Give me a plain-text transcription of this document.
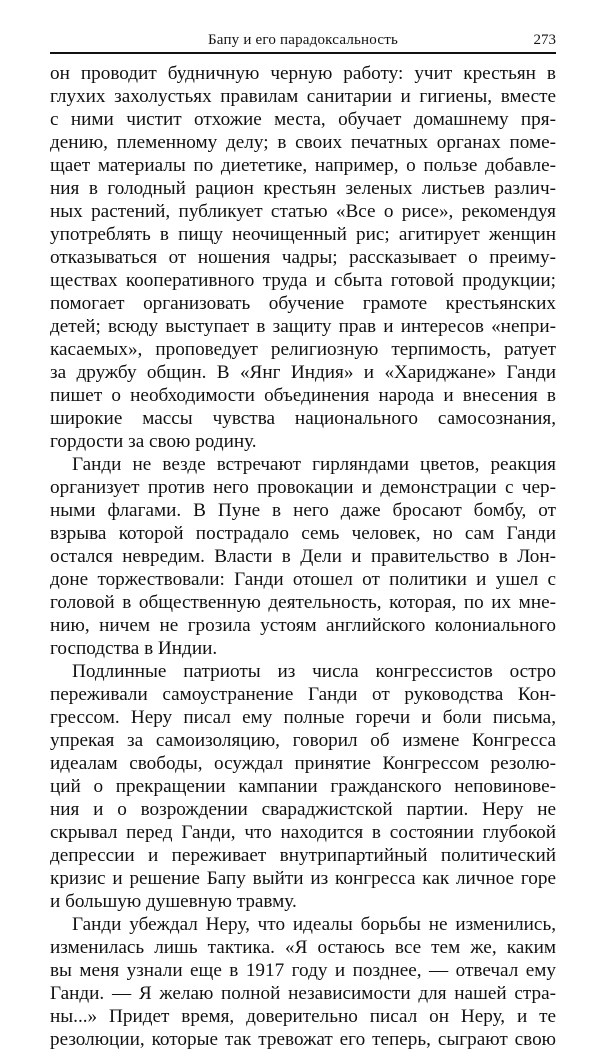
Бапу и его парадоксальность	273
он проводит будничную черную работу: учит крестьян в
глухих захолустьях правилам санитарии и гигиены, вместе
с ними чистит отхожие места, обучает домашнему пря-
дению, племенному делу; в своих печатных органах поме-
щает материалы по диететике, например, о пользе добавле-
ния в голодный рацион крестьян зеленых листьев различ-
ных растений, публикует статью «Все о рисе», рекомендуя
употреблять в пищу неочищенный рис; агитирует женщин
отказываться от ношения чадры; рассказывает о преиму-
ществах кооперативного труда и сбыта готовой продукции;
помогает организовать обучение грамоте крестьянских
детей; всюду выступает в защиту прав и интересов «непри-
касаемых», проповедует религиозную терпимость, ратует
за дружбу общин. В «Янг Индия» и «Хариджане» Ганди
пишет о необходимости объединения народа и внесения в
широкие массы чувства национального самосознания,
гордости за свою родину.
Ганди не везде встречают гирляндами цветов, реакция
организует против него провокации и демонстрации с чер-
ными флагами. В Пуне в него даже бросают бомбу, от
взрыва которой пострадало семь человек, но сам Ганди
остался невредим. Власти в Дели и правительство в Лон-
доне торжествовали: Ганди отошел от политики и ушел с
головой в общественную деятельность, которая, по их мне-
нию, ничем не грозила устоям английского колониального
господства в Индии.
Подлинные патриоты из числа конгрессистов остро
переживали самоустранение Ганди от руководства Кон-
грессом. Неру писал ему полные горечи и боли письма,
упрекая за самоизоляцию, говорил об измене Конгресса
идеалам свободы, осуждал принятие Конгрессом резолю-
ций о прекращении кампании гражданского неповинове-
ния и о возрождении свараджистской партии. Неру не
скрывал перед Ганди, что находится в состоянии глубокой
депрессии и переживает внутрипартийный политический
кризис и решение Бапу выйти из конгресса как личное горе
и большую душевную травму.
Ганди убеждал Неру, что идеалы борьбы не изменились,
изменилась лишь тактика. «Я остаюсь все тем же, каким
вы меня узнали еще в 1917 году и позднее, — отвечал ему
Ганди. — Я желаю полной независимости для нашей стра-
ны...» Придет время, доверительно писал он Неру, и те
резолюции, которые так тревожат его теперь, сыграют свою
